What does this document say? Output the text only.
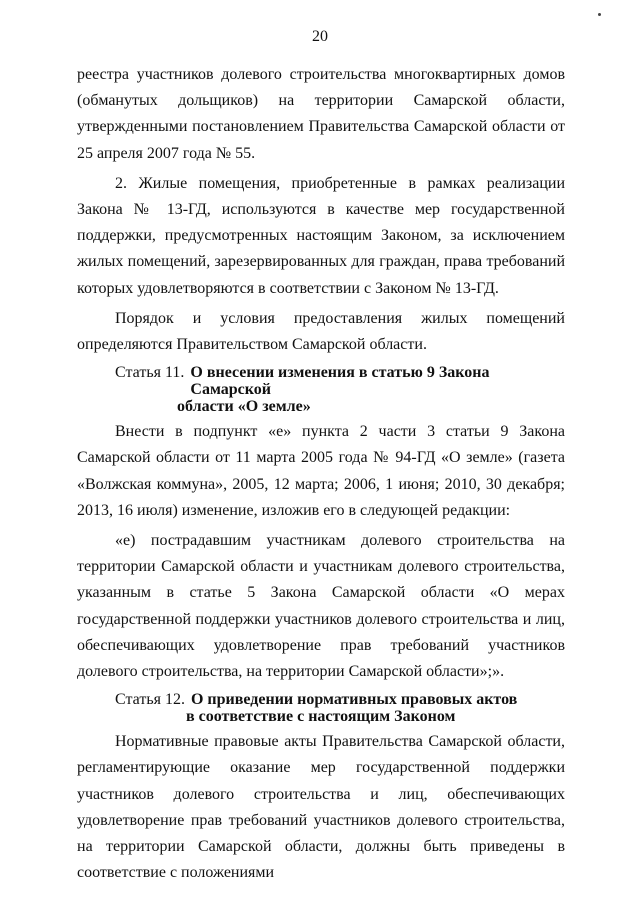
20

реестра участников долевого строительства многоквартирных домов (обманутых дольщиков) на территории Самарской области, утвержденными постановлением Правительства Самарской области от 25 апреля 2007 года № 55.

2. Жилые помещения, приобретенные в рамках реализации Закона № 13-ГД, используются в качестве мер государственной поддержки, предусмотренных настоящим Законом, за исключением жилых помещений, зарезервированных для граждан, права требований которых удовлетворяются в соответствии с Законом № 13-ГД.

Порядок и условия предоставления жилых помещений определяются Правительством Самарской области.

Статья 11. О внесении изменения в статью 9 Закона Самарской
области «О земле»

Внести в подпункт «е» пункта 2 части 3 статьи 9 Закона Самарской области от 11 марта 2005 года № 94-ГД «О земле» (газета «Волжская коммуна», 2005, 12 марта; 2006, 1 июня; 2010, 30 декабря; 2013, 16 июля) изменение, изложив его в следующей редакции:

«е) пострадавшим участникам долевого строительства на территории Самарской области и участникам долевого строительства, указанным в статье 5 Закона Самарской области «О мерах государственной поддержки участников долевого строительства и лиц, обеспечивающих удовлетворение прав требований участников долевого строительства, на территории Самарской области»;».

Статья 12. О приведении нормативных правовых актов
в соответствие с настоящим Законом

Нормативные правовые акты Правительства Самарской области, регламентирующие оказание мер государственной поддержки участников долевого строительства и лиц, обеспечивающих удовлетворение прав требований участников долевого строительства, на территории Самарской области, должны быть приведены в соответствие с положениями
